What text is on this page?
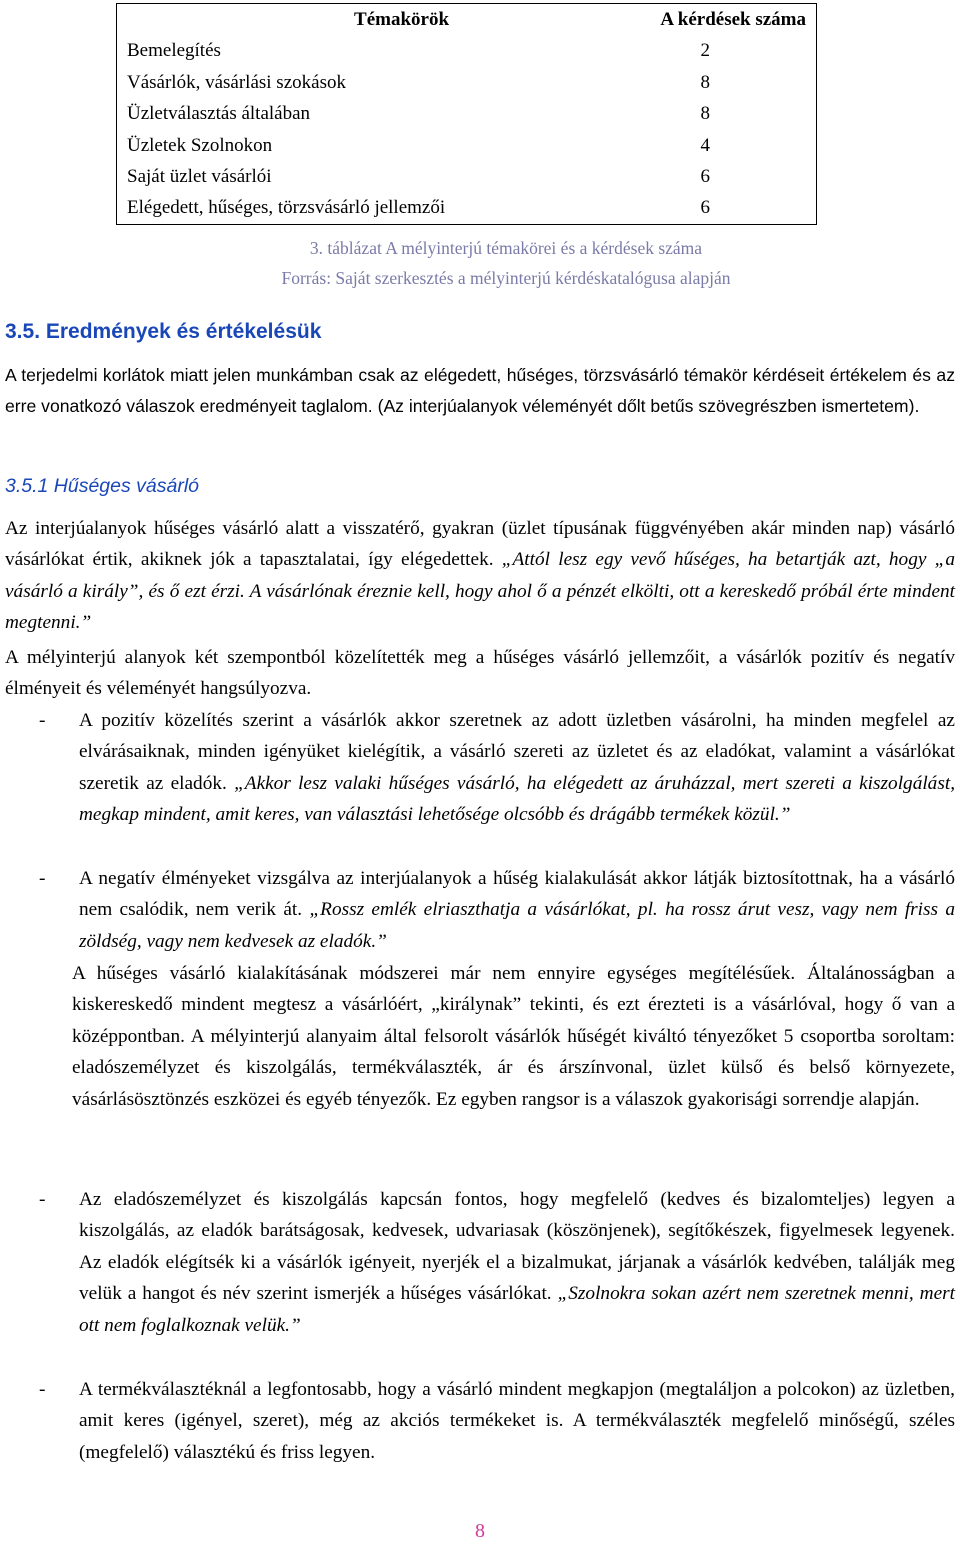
Témakörök	A kérdések száma
Bemelegítés	2
Vásárlók, vásárlási szokások	8
Üzletválasztás általában	8
Üzletek Szolnokon	4
Saját üzlet vásárlói	6
Elégedett, hűséges, törzsvásárló jellemzői	6
3. táblázat A mélyinterjú témakörei és a kérdések száma
Forrás: Saját szerkesztés a mélyinterjú kérdéskatalógusa alapján
3.5. Eredmények és értékelésük
A terjedelmi korlátok miatt jelen munkámban csak az elégedett, hűséges, törzsvásárló témakör kérdéseit értékelem és az erre vonatkozó válaszok eredményeit taglalom. (Az interjúalanyok véleményét dőlt betűs szövegrészben ismertetem).
3.5.1 Hűséges vásárló
Az interjúalanyok hűséges vásárló alatt a visszatérő, gyakran (üzlet típusának függvényében akár minden nap) vásárló vásárlókat értik, akiknek jók a tapasztalatai, így elégedettek. „Attól lesz egy vevő hűséges, ha betartják azt, hogy „a vásárló a király”, és ő ezt érzi. A vásárlónak éreznie kell, hogy ahol ő a pénzét elkölti, ott a kereskedő próbál érte mindent megtenni.”
A mélyinterjú alanyok két szempontból közelítették meg a hűséges vásárló jellemzőit, a vásárlók pozitív és negatív élményeit és véleményét hangsúlyozva.
- A pozitív közelítés szerint a vásárlók akkor szeretnek az adott üzletben vásárolni, ha minden megfelel az elvárásaiknak, minden igényüket kielégítik, a vásárló szereti az üzletet és az eladókat, valamint a vásárlókat szeretik az eladók. „Akkor lesz valaki hűséges vásárló, ha elégedett az áruházzal, mert szereti a kiszolgálást, megkap mindent, amit keres, van választási lehetősége olcsóbb és drágább termékek közül.”
- A negatív élményeket vizsgálva az interjúalanyok a hűség kialakulását akkor látják biztosítottnak, ha a vásárló nem csalódik, nem verik át. „Rossz emlék elriaszthatja a vásárlókat, pl. ha rossz árut vesz, vagy nem friss a zöldség, vagy nem kedvesek az eladók.”
A hűséges vásárló kialakításának módszerei már nem ennyire egységes megítélésűek. Általánosságban a kiskereskedő mindent megtesz a vásárlóért, „királynak” tekinti, és ezt érezteti is a vásárlóval, hogy ő van a középpontban. A mélyinterjú alanyaim által felsorolt vásárlók hűségét kiváltó tényezőket 5 csoportba soroltam: eladószemélyzet és kiszolgálás, termékválaszték, ár és árszínvonal, üzlet külső és belső környezete, vásárlásösztönzés eszközei és egyéb tényezők. Ez egyben rangsor is a válaszok gyakorisági sorrendje alapján.
- Az eladószemélyzet és kiszolgálás kapcsán fontos, hogy megfelelő (kedves és bizalomteljes) legyen a kiszolgálás, az eladók barátságosak, kedvesek, udvariasak (köszönjenek), segítőkészek, figyelmesek legyenek. Az eladók elégítsék ki a vásárlók igényeit, nyerjék el a bizalmukat, járjanak a vásárlók kedvében, találják meg velük a hangot és név szerint ismerjék a hűséges vásárlókat. „Szolnokra sokan azért nem szeretnek menni, mert ott nem foglalkoznak velük.”
- A termékválasztéknál a legfontosabb, hogy a vásárló mindent megkapjon (megtaláljon a polcokon) az üzletben, amit keres (igényel, szeret), még az akciós termékeket is. A termékválaszték megfelelő minőségű, széles (megfelelő) választékú és friss legyen.
8
